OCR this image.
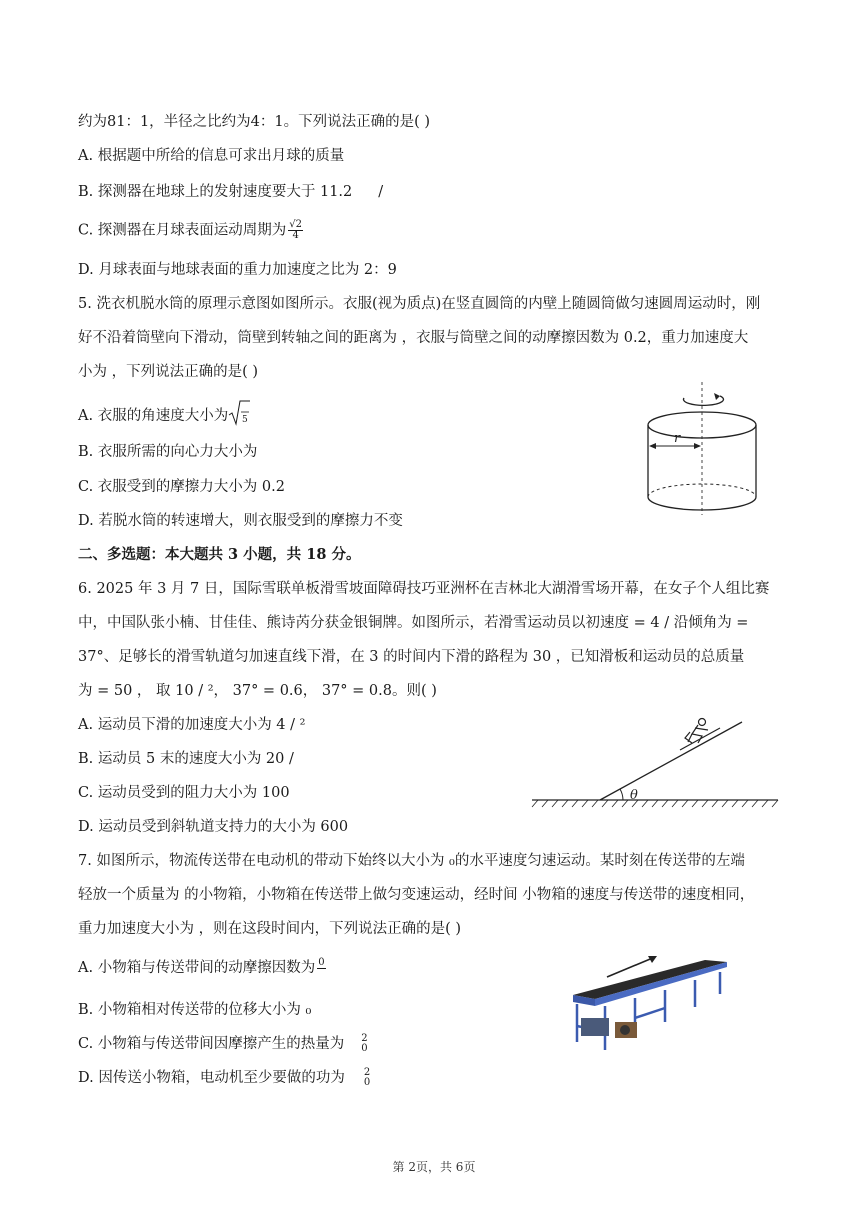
约为81：1，半径之比约为4：1。下列说法正确的是( )
A. 根据题中所给的信息可求出月球的质量
B. 探测器在地球上的发射速度要大于 11.2 /
C. 探测器在月球表面运动周期为 $\frac{√2}{4}$
D. 月球表面与地球表面的重力加速度之比为 2：9
5. 洗衣机脱水筒的原理示意图如图所示。衣服(视为质点)在竖直圆筒的内壁上随圆筒做匀速圆周运动时，刚
好不沿着筒壁向下滑动，筒壁到转轴之间的距离为 ，衣服与筒壁之间的动摩擦因数为 0.2，重力加速度大
小为 ，下列说法正确的是( )
A. 衣服的角速度大小为 5
B. 衣服所需的向心力大小为
C. 衣服受到的摩擦力大小为 0.2
D. 若脱水筒的转速增大，则衣服受到的摩擦力不变
二、多选题：本大题共 3 小题，共 18 分。
6. 2025 年 3 月 7 日，国际雪联单板滑雪坡面障碍技巧亚洲杯在吉林北大湖滑雪场开幕，在女子个人组比赛
中，中国队张小楠、甘佳佳、熊诗芮分获金银铜牌。如图所示，若滑雪运动员以初速度 = 4 / 沿倾角为 =
37°、足够长的滑雪轨道匀加速直线下滑，在 3 的时间内下滑的路程为 30 ，已知滑板和运动员的总质量
为 = 50 ， 取 10 / ²， 37° = 0.6， 37° = 0.8。则( )
A. 运动员下滑的加速度大小为 4 / ²
B. 运动员 5 末的速度大小为 20 /
C. 运动员受到的阻力大小为 100
D. 运动员受到斜轨道支持力的大小为 600
7. 如图所示，物流传送带在电动机的带动下始终以大小为 ₀的水平速度匀速运动。某时刻在传送带的左端
轻放一个质量为 的小物箱，小物箱在传送带上做匀变速运动，经时间 小物箱的速度与传送带的速度相同，
重力加速度大小为 ，则在这段时间内，下列说法正确的是( )
A. 小物箱与传送带间的动摩擦因数为 0
B. 小物箱相对传送带的位移大小为 ₀
C. 小物箱与传送带间因摩擦产生的热量为 2
0
D. 因传送小物箱，电动机至少要做的功为 2
0
r
θ
第 2页，共 6页
